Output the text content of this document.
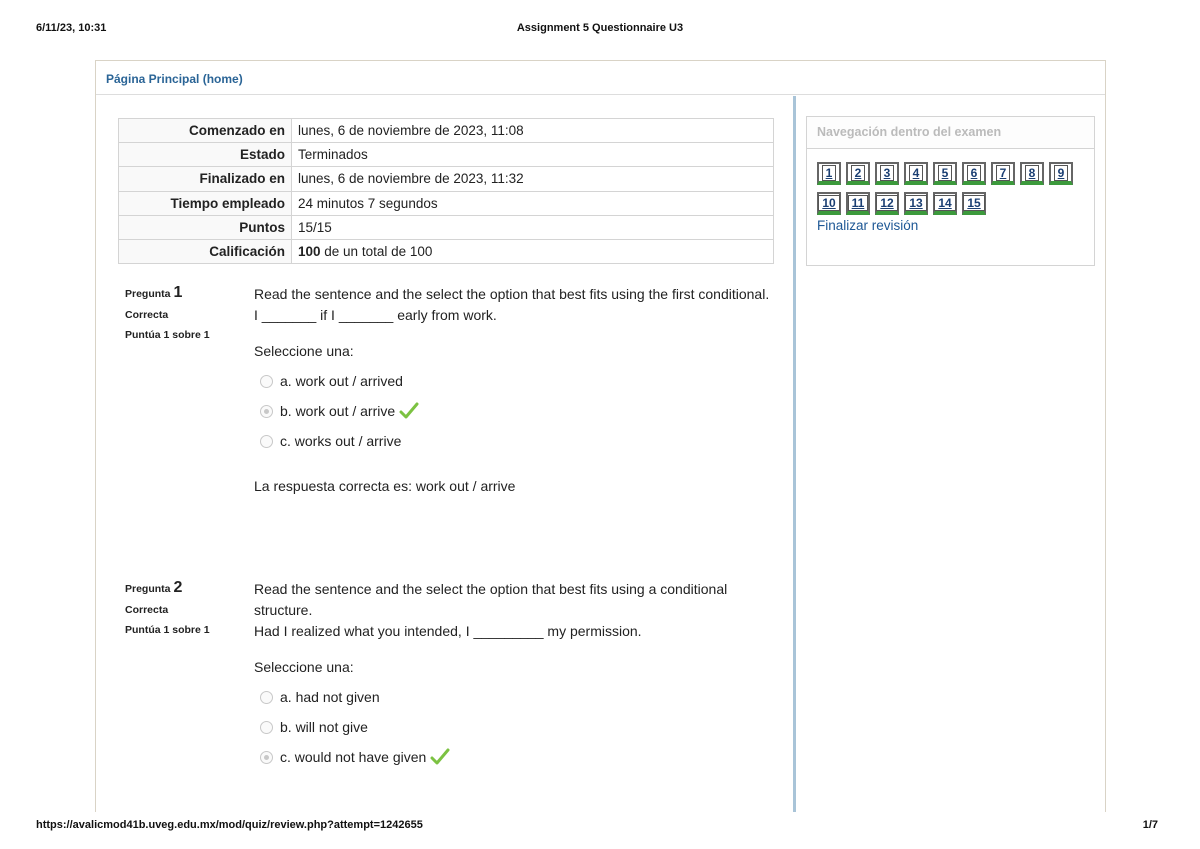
6/11/23, 10:31	Assignment 5 Questionnaire U3
Página Principal (home)
Comenzado en	lunes, 6 de noviembre de 2023, 11:08
Estado	Terminados
Finalizado en	lunes, 6 de noviembre de 2023, 11:32
Tiempo empleado	24 minutos 7 segundos
Puntos	15/15
Calificación	100 de un total de 100
Pregunta 1
Correcta
Puntúa 1 sobre 1
Read the sentence and the select the option that best fits using the first conditional.
I _______ if I _______ early from work.
Seleccione una:
a. work out / arrived
b. work out / arrive
c. works out / arrive
La respuesta correcta es: work out / arrive
Pregunta 2
Correcta
Puntúa 1 sobre 1
Read the sentence and the select the option that best fits using a conditional structure.
Had I realized what you intended, I _________ my permission.
Seleccione una:
a. had not given
b. will not give
c. would not have given
Navegación dentro del examen
1	2	3	4	5	6	7	8	9
10	11	12	13	14	15
Finalizar revisión
https://avalicmod41b.uveg.edu.mx/mod/quiz/review.php?attempt=1242655	1/7
